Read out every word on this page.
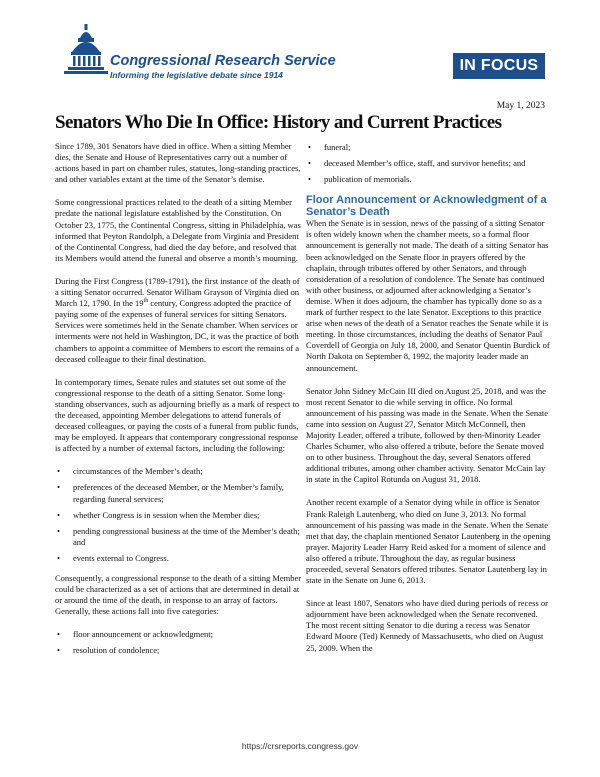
Congressional Research Service
Informing the legislative debate since 1914
IN FOCUS
May 1, 2023
Senators Who Die In Office: History and Current Practices

Since 1789, 301 Senators have died in office. When a sitting Member dies, the Senate and House of Representatives carry out a number of actions based in part on chamber rules, statutes, long-standing practices, and other variables extant at the time of the Senator’s demise.

Some congressional practices related to the death of a sitting Member predate the national legislature established by the Constitution. On October 23, 1775, the Continental Congress, sitting in Philadelphia, was informed that Peyton Randolph, a Delegate from Virginia and President of the Continental Congress, had died the day before, and resolved that its Members would attend the funeral and observe a month’s mourning.

During the First Congress (1789-1791), the first instance of the death of a sitting Senator occurred. Senator William Grayson of Virginia died on March 12, 1790. In the 19th century, Congress adopted the practice of paying some of the expenses of funeral services for sitting Senators. Services were sometimes held in the Senate chamber. When services or interments were not held in Washington, DC, it was the practice of both chambers to appoint a committee of Members to escort the remains of a deceased colleague to their final destination.

In contemporary times, Senate rules and statutes set out some of the congressional response to the death of a sitting Senator. Some long-standing observances, such as adjourning briefly as a mark of respect to the deceased, appointing Member delegations to attend funerals of deceased colleagues, or paying the costs of a funeral from public funds, may be employed. It appears that contemporary congressional response is affected by a number of external factors, including the following:

• circumstances of the Member’s death;
• preferences of the deceased Member, or the Member’s family, regarding funeral services;
• whether Congress is in session when the Member dies;
• pending congressional business at the time of the Member’s death; and
• events external to Congress.

Consequently, a congressional response to the death of a sitting Member could be characterized as a set of actions that are determined in detail at or around the time of the death, in response to an array of factors. Generally, these actions fall into five categories:

• floor announcement or acknowledgment;
• resolution of condolence;
• funeral;
• deceased Member’s office, staff, and survivor benefits; and
• publication of memorials.
Floor Announcement or Acknowledgment of a Senator’s Death

When the Senate is in session, news of the passing of a sitting Senator is often widely known when the chamber meets, so a formal floor announcement is generally not made. The death of a sitting Senator has been acknowledged on the Senate floor in prayers offered by the chaplain, through tributes offered by other Senators, and through consideration of a resolution of condolence. The Senate has continued with other business, or adjourned after acknowledging a Senator’s demise. When it does adjourn, the chamber has typically done so as a mark of further respect to the late Senator. Exceptions to this practice arise when news of the death of a Senator reaches the Senate while it is meeting. In those circumstances, including the deaths of Senator Paul Coverdell of Georgia on July 18, 2000, and Senator Quentin Burdick of North Dakota on September 8, 1992, the majority leader made an announcement.

Senator John Sidney McCain III died on August 25, 2018, and was the most recent Senator to die while serving in office. No formal announcement of his passing was made in the Senate. When the Senate came into session on August 27, Senator Mitch McConnell, then Majority Leader, offered a tribute, followed by then-Minority Leader Charles Schumer, who also offered a tribute, before the Senate moved on to other business. Throughout the day, several Senators offered additional tributes, among other chamber activity. Senator McCain lay in state in the Capitol Rotunda on August 31, 2018.

Another recent example of a Senator dying while in office is Senator Frank Raleigh Lautenberg, who died on June 3, 2013. No formal announcement of his passing was made in the Senate. When the Senate met that day, the chaplain mentioned Senator Lautenberg in the opening prayer. Majority Leader Harry Reid asked for a moment of silence and also offered a tribute. Throughout the day, as regular business proceeded, several Senators offered tributes. Senator Lautenberg lay in state in the Senate on June 6, 2013.

Since at least 1807, Senators who have died during periods of recess or adjournment have been acknowledged when the Senate reconvened. The most recent sitting Senator to die during a recess was Senator Edward Moore (Ted) Kennedy of Massachusetts, who died on August 25, 2009. When the

https://crsreports.congress.gov
